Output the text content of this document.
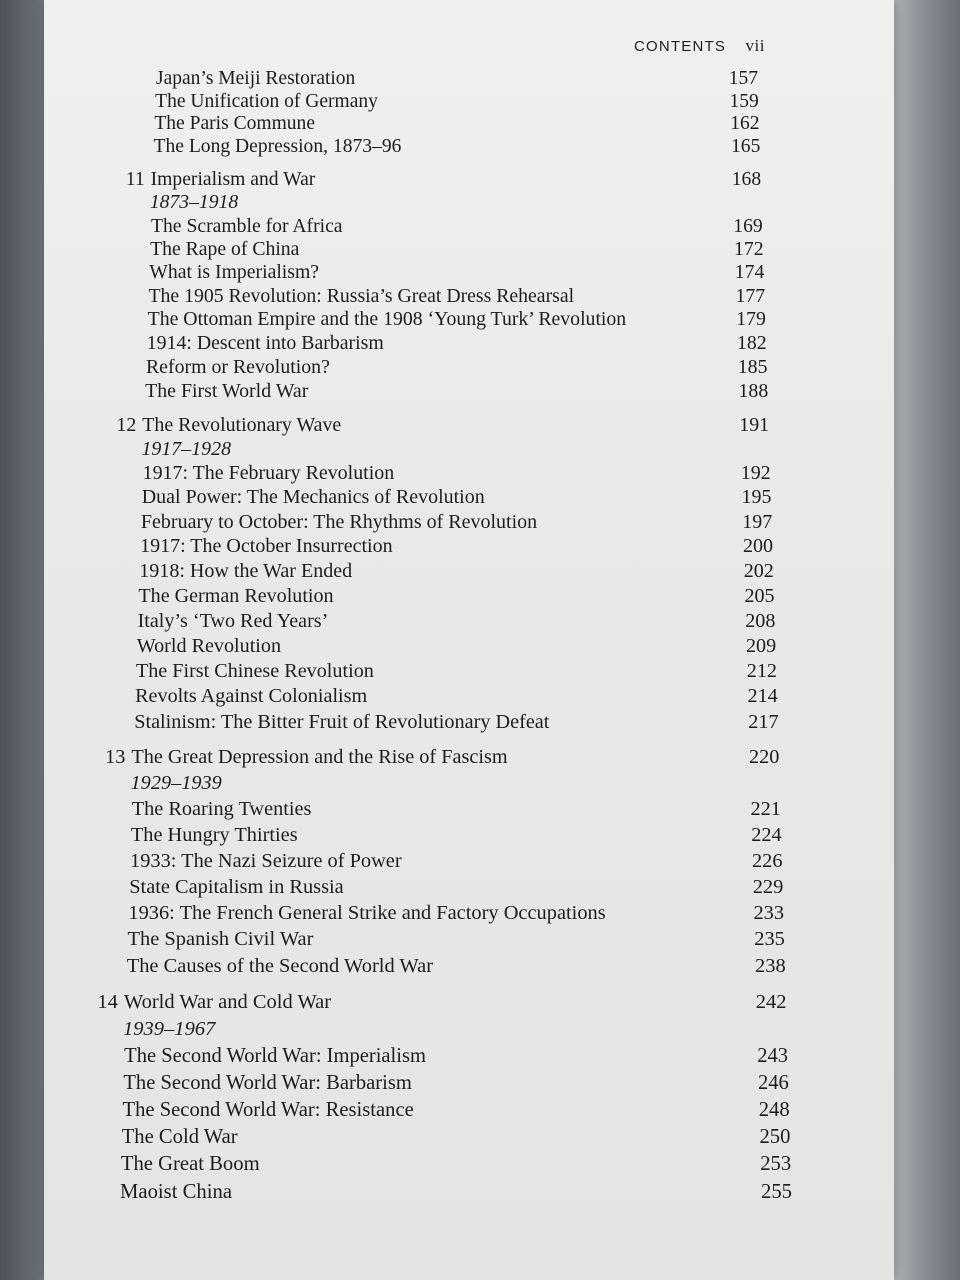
CONTENTS vii
Japan’s Meiji Restoration	157
The Unification of Germany	159
The Paris Commune	162
The Long Depression, 1873–96	165
11 Imperialism and War	168
1873–1918
The Scramble for Africa	169
The Rape of China	172
What is Imperialism?	174
The 1905 Revolution: Russia’s Great Dress Rehearsal	177
The Ottoman Empire and the 1908 ‘Young Turk’ Revolution	179
1914: Descent into Barbarism	182
Reform or Revolution?	185
The First World War	188
12 The Revolutionary Wave	191
1917–1928
1917: The February Revolution	192
Dual Power: The Mechanics of Revolution	195
February to October: The Rhythms of Revolution	197
1917: The October Insurrection	200
1918: How the War Ended	202
The German Revolution	205
Italy’s ‘Two Red Years’	208
World Revolution	209
The First Chinese Revolution	212
Revolts Against Colonialism	214
Stalinism: The Bitter Fruit of Revolutionary Defeat	217
13 The Great Depression and the Rise of Fascism	220
1929–1939
The Roaring Twenties	221
The Hungry Thirties	224
1933: The Nazi Seizure of Power	226
State Capitalism in Russia	229
1936: The French General Strike and Factory Occupations	233
The Spanish Civil War	235
The Causes of the Second World War	238
14 World War and Cold War	242
1939–1967
The Second World War: Imperialism	243
The Second World War: Barbarism	246
The Second World War: Resistance	248
The Cold War	250
The Great Boom	253
Maoist China	255
